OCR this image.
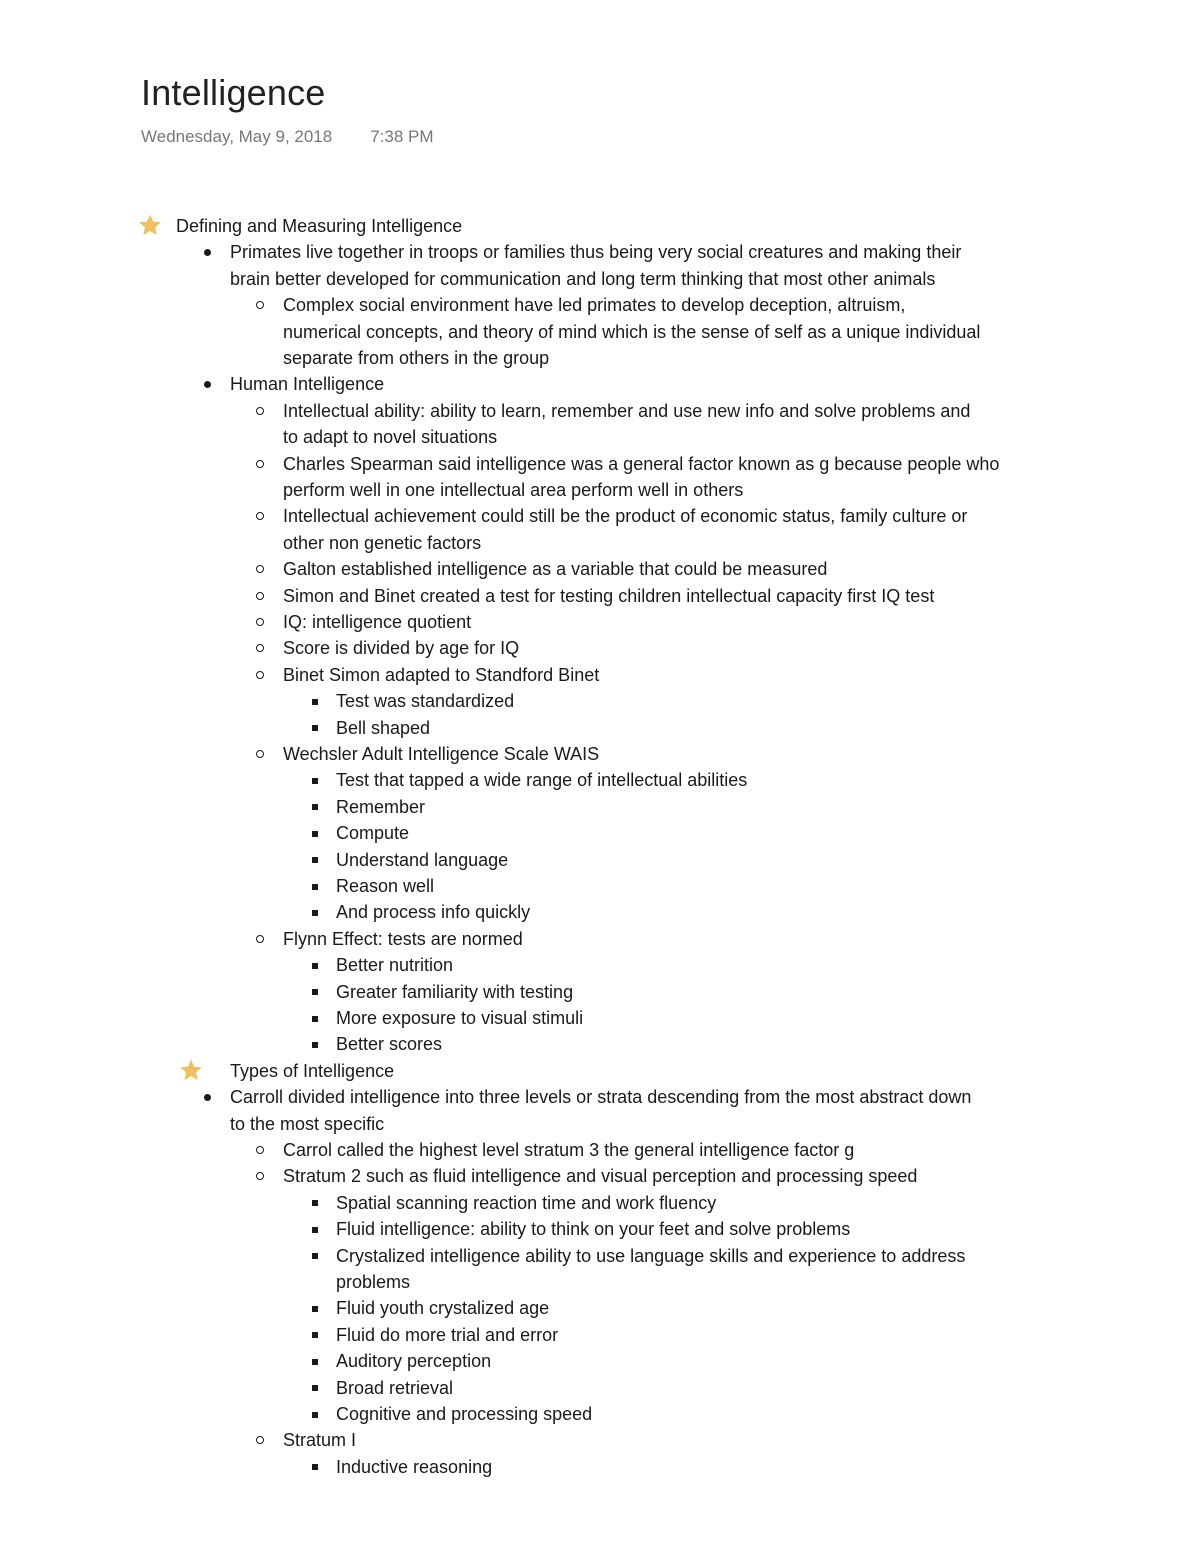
Intelligence
Wednesday, May 9, 2018 7:38 PM
Defining and Measuring Intelligence
Primates live together in troops or families thus being very social creatures and making their
brain better developed for communication and long term thinking that most other animals
Complex social environment have led primates to develop deception, altruism,
numerical concepts, and theory of mind which is the sense of self as a unique individual
separate from others in the group
Human Intelligence
Intellectual ability: ability to learn, remember and use new info and solve problems and
to adapt to novel situations
Charles Spearman said intelligence was a general factor known as g because people who
perform well in one intellectual area perform well in others
Intellectual achievement could still be the product of economic status, family culture or
other non genetic factors
Galton established intelligence as a variable that could be measured
Simon and Binet created a test for testing children intellectual capacity first IQ test
IQ: intelligence quotient
Score is divided by age for IQ
Binet Simon adapted to Standford Binet
Test was standardized
Bell shaped
Wechsler Adult Intelligence Scale WAIS
Test that tapped a wide range of intellectual abilities
Remember
Compute
Understand language
Reason well
And process info quickly
Flynn Effect: tests are normed
Better nutrition
Greater familiarity with testing
More exposure to visual stimuli
Better scores
Types of Intelligence
Carroll divided intelligence into three levels or strata descending from the most abstract down
to the most specific
Carrol called the highest level stratum 3 the general intelligence factor g
Stratum 2 such as fluid intelligence and visual perception and processing speed
Spatial scanning reaction time and work fluency
Fluid intelligence: ability to think on your feet and solve problems
Crystalized intelligence ability to use language skills and experience to address
problems
Fluid youth crystalized age
Fluid do more trial and error
Auditory perception
Broad retrieval
Cognitive and processing speed
Stratum I
Inductive reasoning
